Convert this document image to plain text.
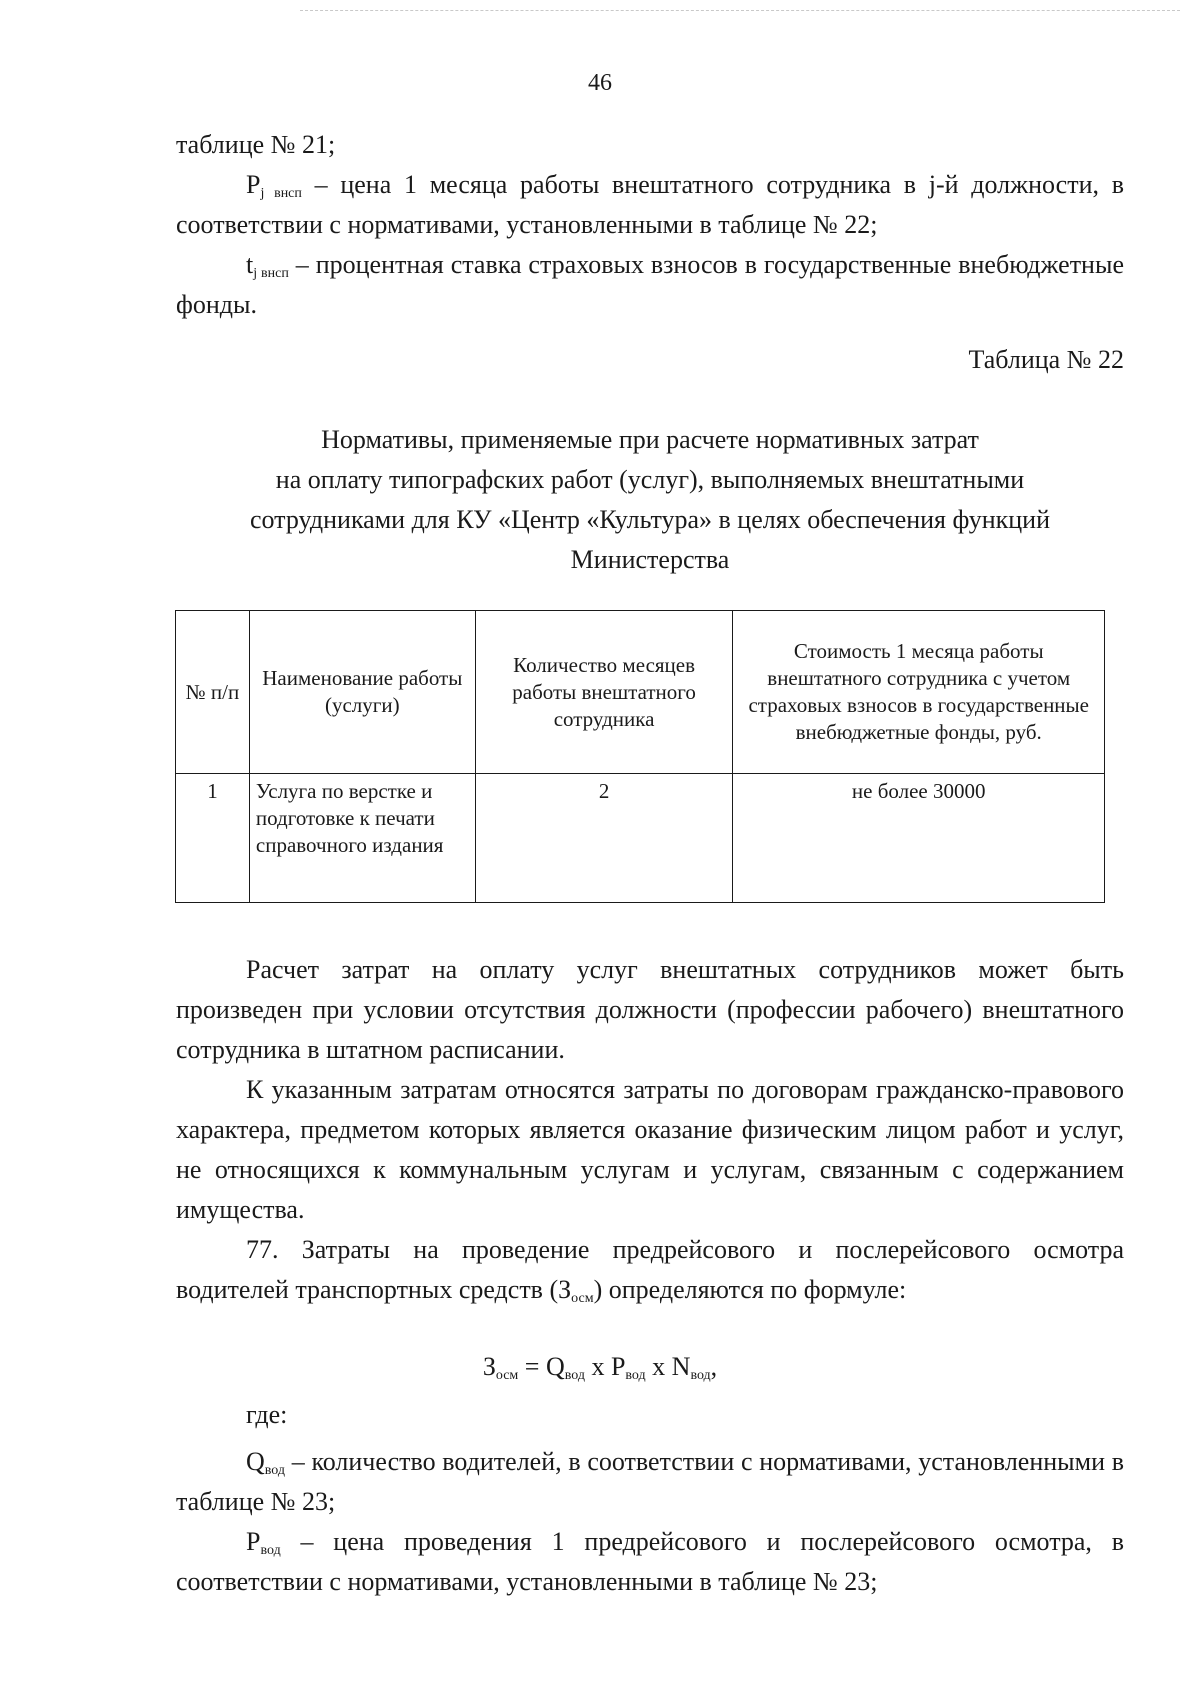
46

таблице № 21;

$P_{j внсп}$ – цена 1 месяца работы внештатного сотрудника в j-й должности, в соответствии с нормативами, установленными в таблице № 22;

$t_{j внсп}$ – процентная ставка страховых взносов в государственные внебюджетные фонды.

Таблица № 22
Нормативы, применяемые при расчете нормативных затрат
на оплату типографских работ (услуг), выполняемых внештатными
сотрудниками для КУ «Центр «Культура» в целях обеспечения функций
Министерства
№ п/п	Наименование работы (услуги)	Количество месяцев работы внештатного сотрудника	Стоимость 1 месяца работы внештатного сотрудника с учетом страховых взносов в государственные внебюджетные фонды, руб.
1	Услуга по верстке и подготовке к печати справочного издания	2	не более 30000

Расчет затрат на оплату услуг внештатных сотрудников может быть произведен при условии отсутствия должности (профессии рабочего) внештатного сотрудника в штатном расписании.

К указанным затратам относятся затраты по договорам гражданско-правового характера, предметом которых является оказание физическим лицом работ и услуг, не относящихся к коммунальным услугам и услугам, связанным с содержанием имущества.

77. Затраты на проведение предрейсового и послерейсового осмотра водителей транспортных средств $(З_{осм})$ определяются по формуле:

$З_{осм} = Q_{вод}$ x $P_{вод}$ x $N_{вод}$,
где:

$Q_{вод}$ – количество водителей, в соответствии с нормативами, установленными в таблице № 23;

$P_{вод}$ – цена проведения 1 предрейсового и послерейсового осмотра, в соответствии с нормативами, установленными в таблице № 23;
